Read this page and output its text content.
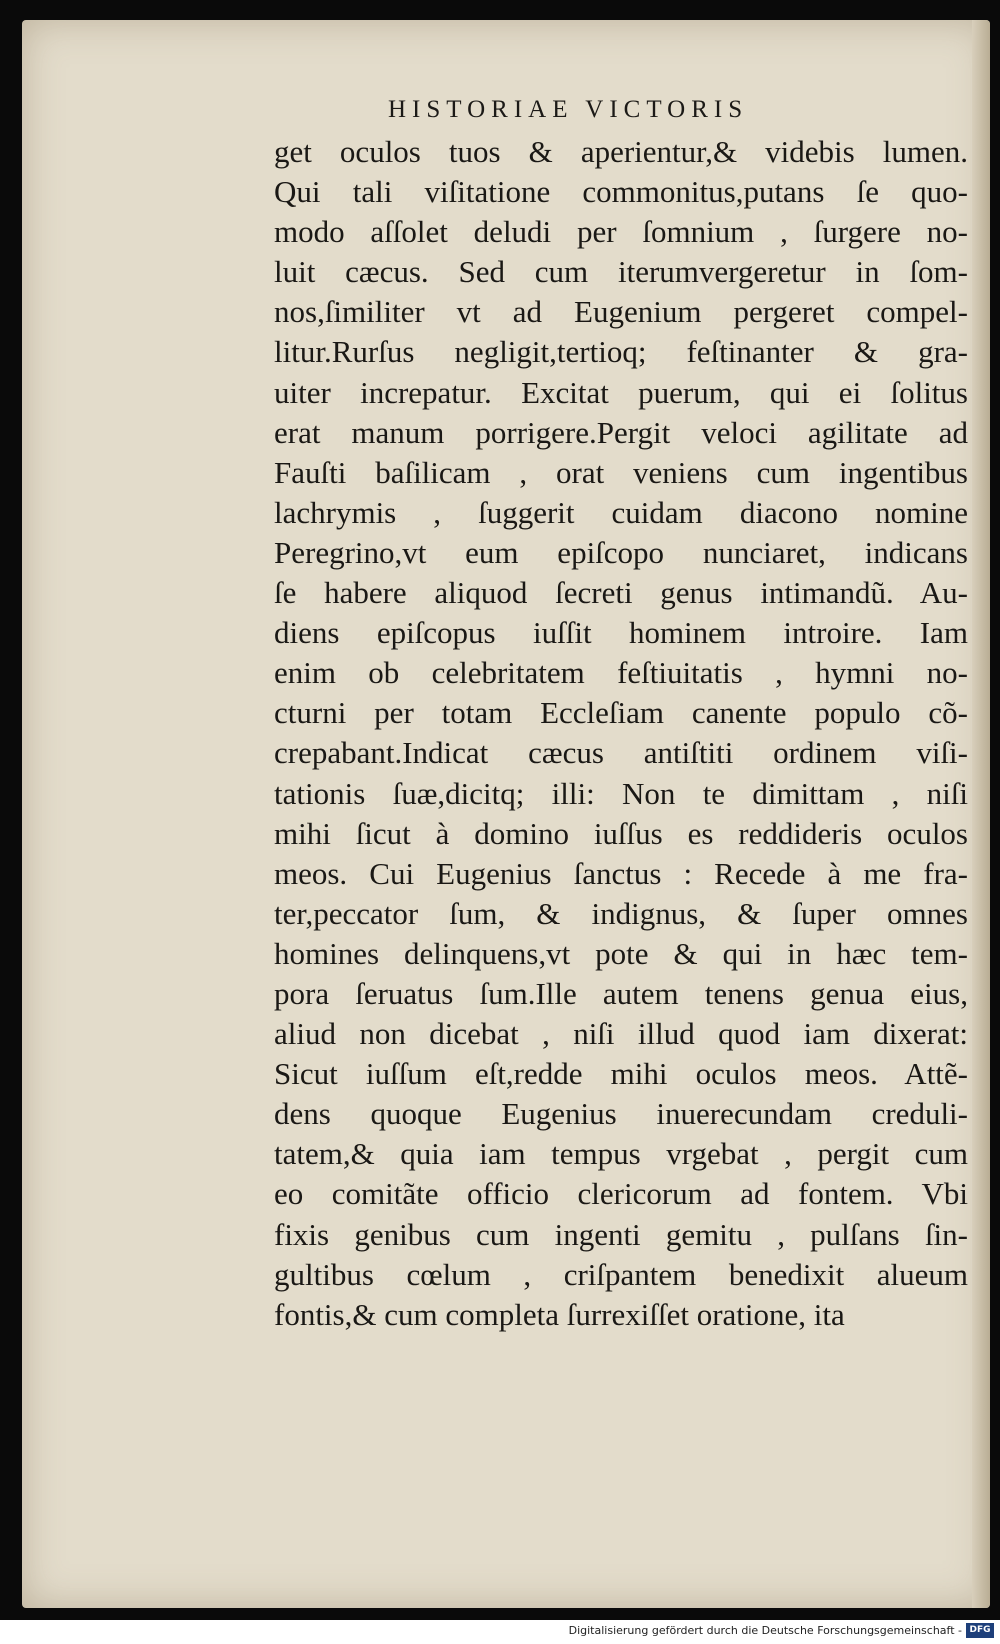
HISTORIAE VICTORIS
get oculos tuos & aperientur,& videbis lumen.
Qui tali viſitatione commonitus,putans ſe quo-
modo aſſolet deludi per ſomnium , ſurgere no-
luit cæcus. Sed cum iterumvergeretur in ſom-
nos,ſimiliter vt ad Eugenium pergeret compel-
litur.Rurſus negligit,tertioq; feſtinanter & gra-
uiter increpatur. Excitat puerum, qui ei ſolitus
erat manum porrigere.Pergit veloci agilitate ad
Fauſti baſilicam , orat veniens cum ingentibus
lachrymis , ſuggerit cuidam diacono nomine
Peregrino,vt eum epiſcopo nunciaret, indicans
ſe habere aliquod ſecreti genus intimandũ. Au-
diens epiſcopus iuſſit hominem introire. Iam
enim ob celebritatem feſtiuitatis , hymni no-
cturni per totam Eccleſiam canente populo cõ-
crepabant.Indicat cæcus antiſtiti ordinem viſi-
tationis ſuæ,dicitq; illi: Non te dimittam , niſi
mihi ſicut à domino iuſſus es reddideris oculos
meos. Cui Eugenius ſanctus : Recede à me fra-
ter,peccator ſum, & indignus, & ſuper omnes
homines delinquens,vt pote & qui in hæc tem-
pora ſeruatus ſum.Ille autem tenens genua eius,
aliud non dicebat , niſi illud quod iam dixerat:
Sicut iuſſum eſt,redde mihi oculos meos. Attẽ-
dens quoque Eugenius inuerecundam creduli-
tatem,& quia iam tempus vrgebat , pergit cum
eo comitãte officio clericorum ad fontem. Vbi
fixis genibus cum ingenti gemitu , pulſans ſin-
gultibus cœlum , criſpantem benedixit alueum
fontis,& cum completa ſurrexiſſet oratione, ita
Digitalisierung gefördert durch die Deutsche Forschungsgemeinschaft - DFG
